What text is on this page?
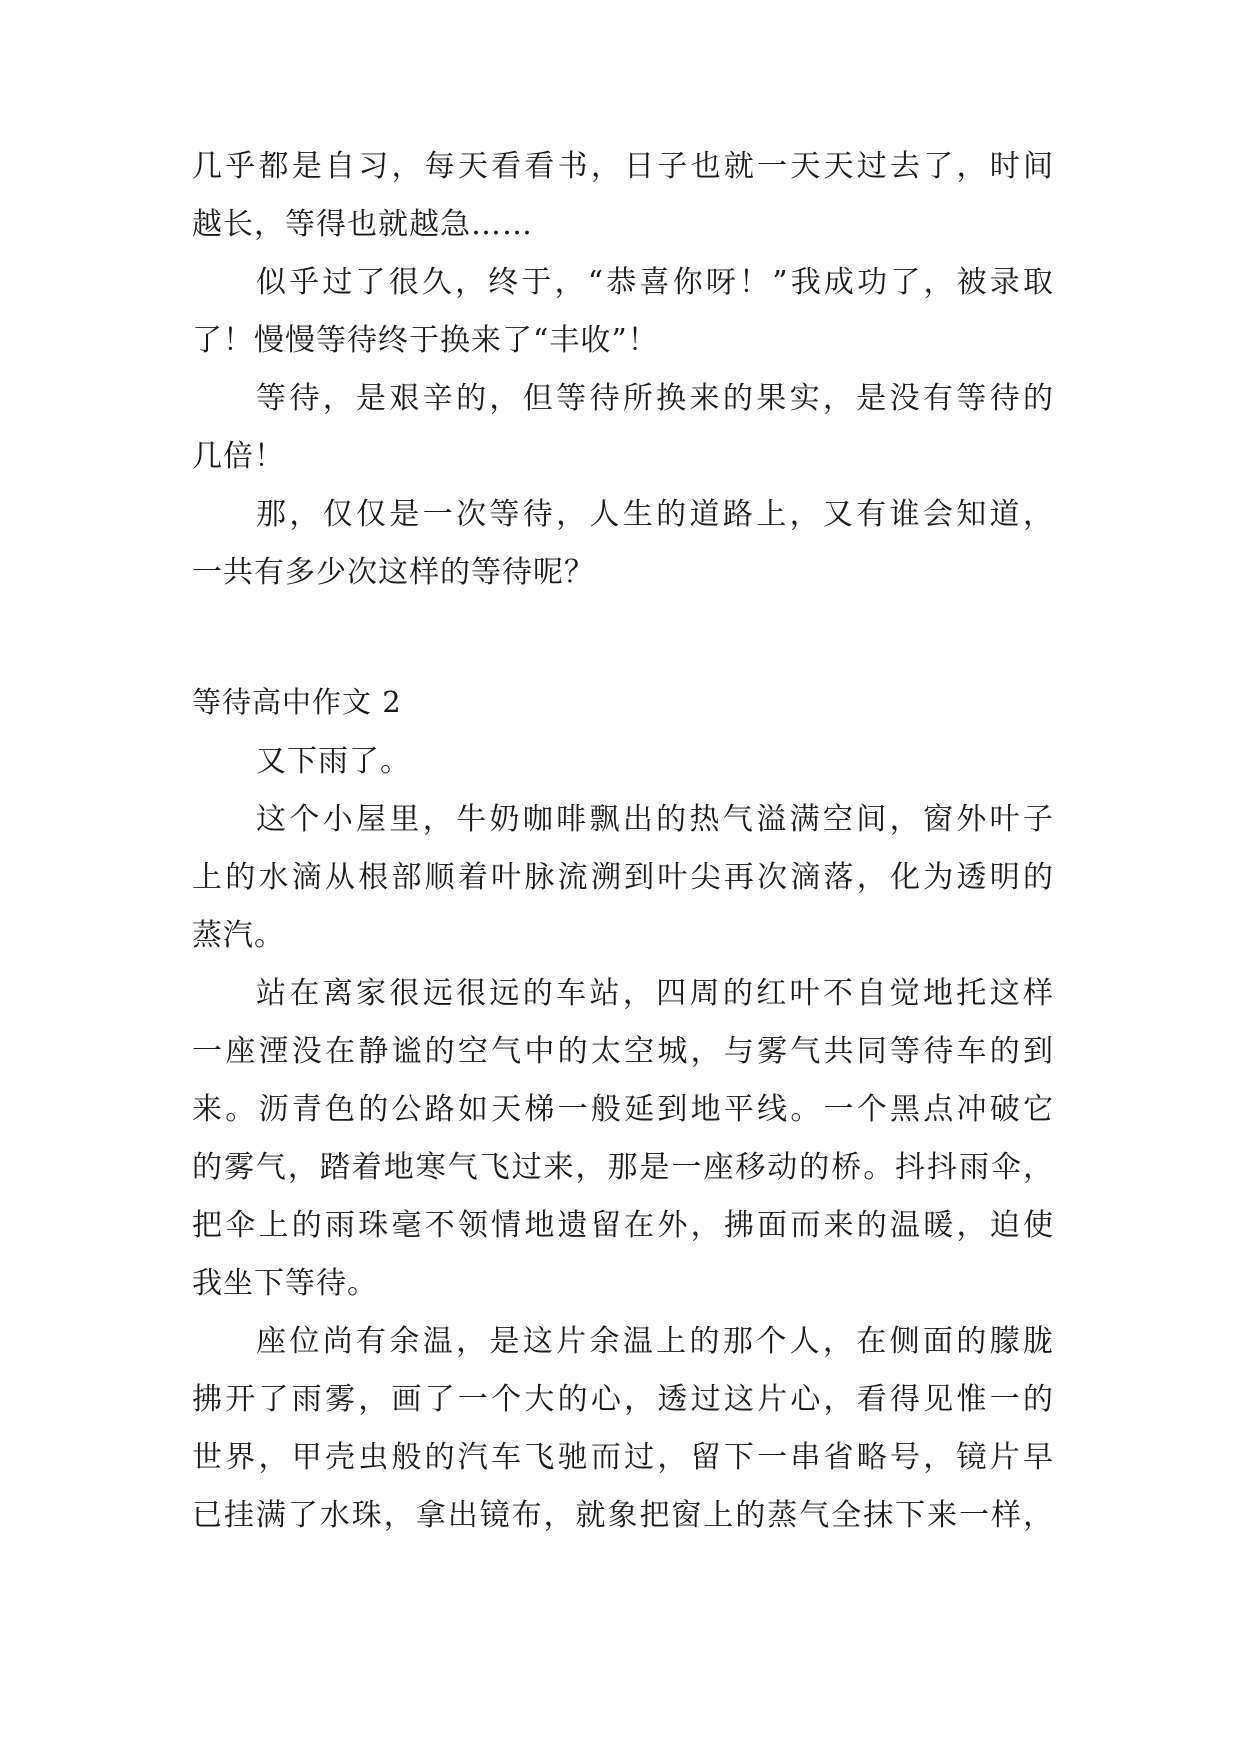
几乎都是自习，每天看看书，日子也就一天天过去了，时间
越长，等得也就越急……
似乎过了很久，终于，“恭喜你呀！”我成功了，被录取
了！慢慢等待终于换来了“丰收”！
等待，是艰辛的，但等待所换来的果实，是没有等待的
几倍！
那，仅仅是一次等待，人生的道路上，又有谁会知道，
一共有多少次这样的等待呢？
等待高中作文 2
又下雨了。
这个小屋里，牛奶咖啡飘出的热气溢满空间，窗外叶子
上的水滴从根部顺着叶脉流溯到叶尖再次滴落，化为透明的
蒸汽。
站在离家很远很远的车站，四周的红叶不自觉地托这样
一座湮没在静谧的空气中的太空城，与雾气共同等待车的到
来。沥青色的公路如天梯一般延到地平线。一个黑点冲破它
的雾气，踏着地寒气飞过来，那是一座移动的桥。抖抖雨伞，
把伞上的雨珠毫不领情地遗留在外，拂面而来的温暖，迫使
我坐下等待。
座位尚有余温，是这片余温上的那个人，在侧面的朦胧
拂开了雨雾，画了一个大的心，透过这片心，看得见惟一的
世界，甲壳虫般的汽车飞驰而过，留下一串省略号，镜片早
已挂满了水珠，拿出镜布，就象把窗上的蒸气全抹下来一样，
